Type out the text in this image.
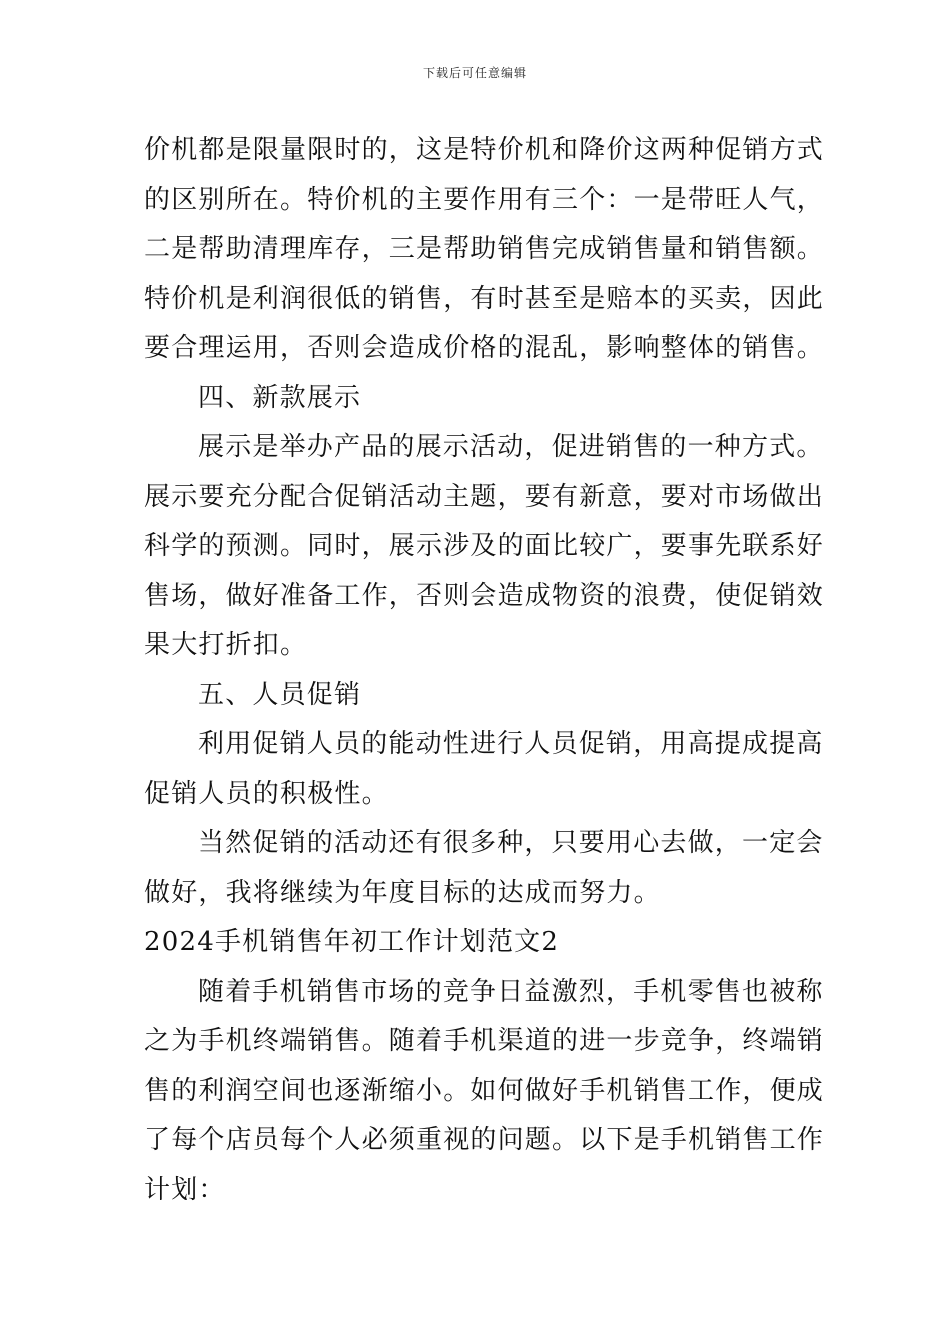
下载后可任意编辑
价机都是限量限时的，这是特价机和降价这两种促销方式
的区别所在。特价机的主要作用有三个：一是带旺人气，
二是帮助清理库存，三是帮助销售完成销售量和销售额。
特价机是利润很低的销售，有时甚至是赔本的买卖，因此
要合理运用，否则会造成价格的混乱，影响整体的销售。
四、新款展示
展示是举办产品的展示活动，促进销售的一种方式。
展示要充分配合促销活动主题，要有新意，要对市场做出
科学的预测。同时，展示涉及的面比较广，要事先联系好
售场，做好准备工作，否则会造成物资的浪费，使促销效
果大打折扣。
五、人员促销
利用促销人员的能动性进行人员促销，用高提成提高
促销人员的积极性。
当然促销的活动还有很多种，只要用心去做，一定会
做好，我将继续为年度目标的达成而努力。
2024手机销售年初工作计划范文2
随着手机销售市场的竞争日益激烈，手机零售也被称
之为手机终端销售。随着手机渠道的进一步竞争，终端销
售的利润空间也逐渐缩小。如何做好手机销售工作，便成
了每个店员每个人必须重视的问题。以下是手机销售工作
计划：
